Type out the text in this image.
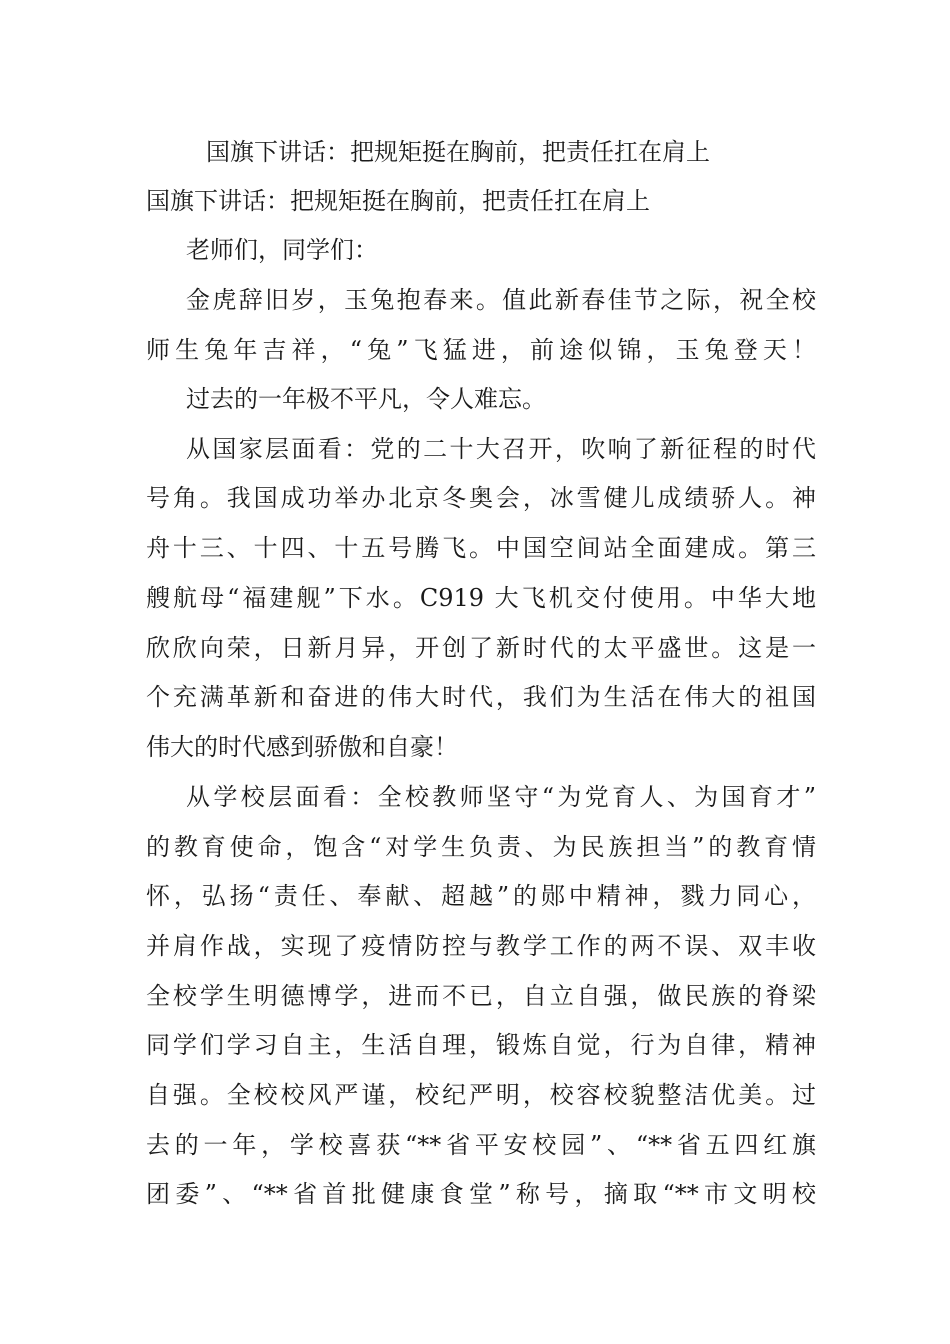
国旗下讲话：把规矩挺在胸前，把责任扛在肩上
国旗下讲话：把规矩挺在胸前，把责任扛在肩上
老师们，同学们：
金虎辞旧岁，玉兔抱春来。值此新春佳节之际，祝全校
师生兔年吉祥，“兔”飞猛进，前途似锦，玉兔登天！
过去的一年极不平凡，令人难忘。
从国家层面看：党的二十大召开，吹响了新征程的时代
号角。我国成功举办北京冬奥会，冰雪健儿成绩骄人。神
舟十三、十四、十五号腾飞。中国空间站全面建成。第三
艘航母“福建舰”下水。C919 大飞机交付使用。中华大地
欣欣向荣，日新月异，开创了新时代的太平盛世。这是一
个充满革新和奋进的伟大时代，我们为生活在伟大的祖国
伟大的时代感到骄傲和自豪！
从学校层面看：全校教师坚守“为党育人、为国育才”
的教育使命，饱含“对学生负责、为民族担当”的教育情
怀，弘扬“责任、奉献、超越”的郧中精神，戮力同心，
并肩作战，实现了疫情防控与教学工作的两不误、双丰收
全校学生明德博学，进而不已，自立自强，做民族的脊梁
同学们学习自主，生活自理，锻炼自觉，行为自律，精神
自强。全校校风严谨，校纪严明，校容校貌整洁优美。过
去的一年，学校喜获“**省平安校园”、“**省五四红旗
团委”、“**省首批健康食堂”称号，摘取“**市文明校
